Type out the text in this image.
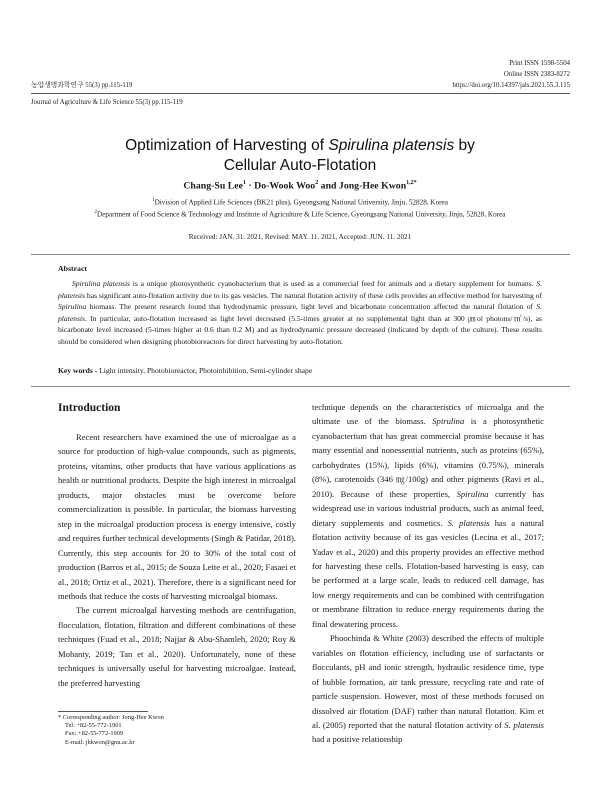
농업생명과학연구 55(3) pp.115-119
Print ISSN 1598-5504
Online ISSN 2383-8272
https://doi.org/10.14397/jals.2021.55.3.115
Journal of Agriculture & Life Science 55(3) pp.115-119
Optimization of Harvesting of Spirulina platensis by
Cellular Auto-Flotation
Chang-Su Lee$^1$ · Do-Wook Woo$^2$ and Jong-Hee Kwon$^{1,2*}$
$^1$Division of Applied Life Sciences (BK21 plus), Gyeongsang National University, Jinju, 52828, Korea
$^2$Department of Food Science & Technology and Institute of Agriculture & Life Science, Gyeongsang National University, Jinju, 52828, Korea
Received: JAN. 31. 2021, Revised: MAY. 11. 2021, Accepted: JUN. 11. 2021
Abstract

Spirulina platensis is a unique photosynthetic cyanobacterium that is used as a commercial feed for animals and a dietary supplement for humans. S. platensis has significant auto-flotation activity due to its gas vesicles. The natural flotation activity of these cells provides an effective method for harvesting of Spirulina biomass. The present research found that hydrodynamic pressure, light level and bicarbonate concentration affected the natural flotation of S. platensis. In particular, auto-flotation increased as light level decreased (5.5-times greater at no supplemental light than at 300 ㎛ol photons/㎡/s), as bicarbonate level increased (5-times higher at 0.6 than 0.2 M) and as hydrodynamic pressure decreased (indicated by depth of the culture). These results should be considered when designing photobioreactors for direct harvesting by auto-flotation.

Key words - Light intensity, Photobioreactor, Photoinhibition, Semi-cylinder shape
Introduction

Recent researchers have examined the use of microalgae as a source for production of high-value compounds, such as pigments, proteins, vitamins, other products that have various applications as health or nutritional products. Despite the high interest in microalgal products, major obstacles must be overcome before commercialization is possible. In particular, the biomass harvesting step in the microalgal production process is energy intensive, costly and requires further technical developments (Singh & Patidar, 2018). Currently, this step accounts for 20 to 30% of the total cost of production (Barros et al., 2015; de Souza Leite et al., 2020; Fasaei et al., 2018; Ortiz et al., 2021). Therefore, there is a significant need for methods that reduce the costs of harvesting microalgal biomass.

The current microalgal harvesting methods are centrifugation, flocculation, flotation, filtration and different combinations of these techniques (Fuad et al., 2018; Najjar & Abu-Shamleh, 2020; Roy & Mohanty, 2019; Tan et al., 2020). Unfortunately, none of these techniques is universally useful for harvesting microalgae. Instead, the preferred harvesting

technique depends on the characteristics of microalga and the ultimate use of the biomass. Spirulina is a photosynthetic cyanobacterium that has great commercial promise because it has many essential and nonessential nutrients, such as proteins (65%), carbohydrates (15%), lipids (6%), vitamins (0.75%), minerals (8%), carotenoids (346 ㎎/100g) and other pigments (Ravi et al., 2010). Because of these properties, Spirulina currently has widespread use in various industrial products, such as animal feed, dietary supplements and cosmetics. S. platensis has a natural flotation activity because of its gas vesicles (Lecina et al., 2017; Yadav et al., 2020) and this property provides an effective method for harvesting these cells. Flotation-based harvesting is easy, can be performed at a large scale, leads to reduced cell damage, has low energy requirements and can be combined with centrifugation or membrane filtration to reduce energy requirements during the final dewatering process.

Phoochinda & White (2003) described the effects of multiple variables on flotation efficiency, including use of surfactants or flocculants, pH and ionic strength, hydraulic residence time, type of bubble formation, air tank pressure, recycling rate and rate of particle suspension. However, most of these methods focused on dissolved air flotation (DAF) rather than natural flotation. Kim et al. (2005) reported that the natural flotation activity of S. platensis had a positive relationship

* Corresponding author: Jong-Hee Kwon
Tel: +82-55-772-1901
Fax: +82-55-772-1909
E-mail: jhkwon@gnu.ac.kr
